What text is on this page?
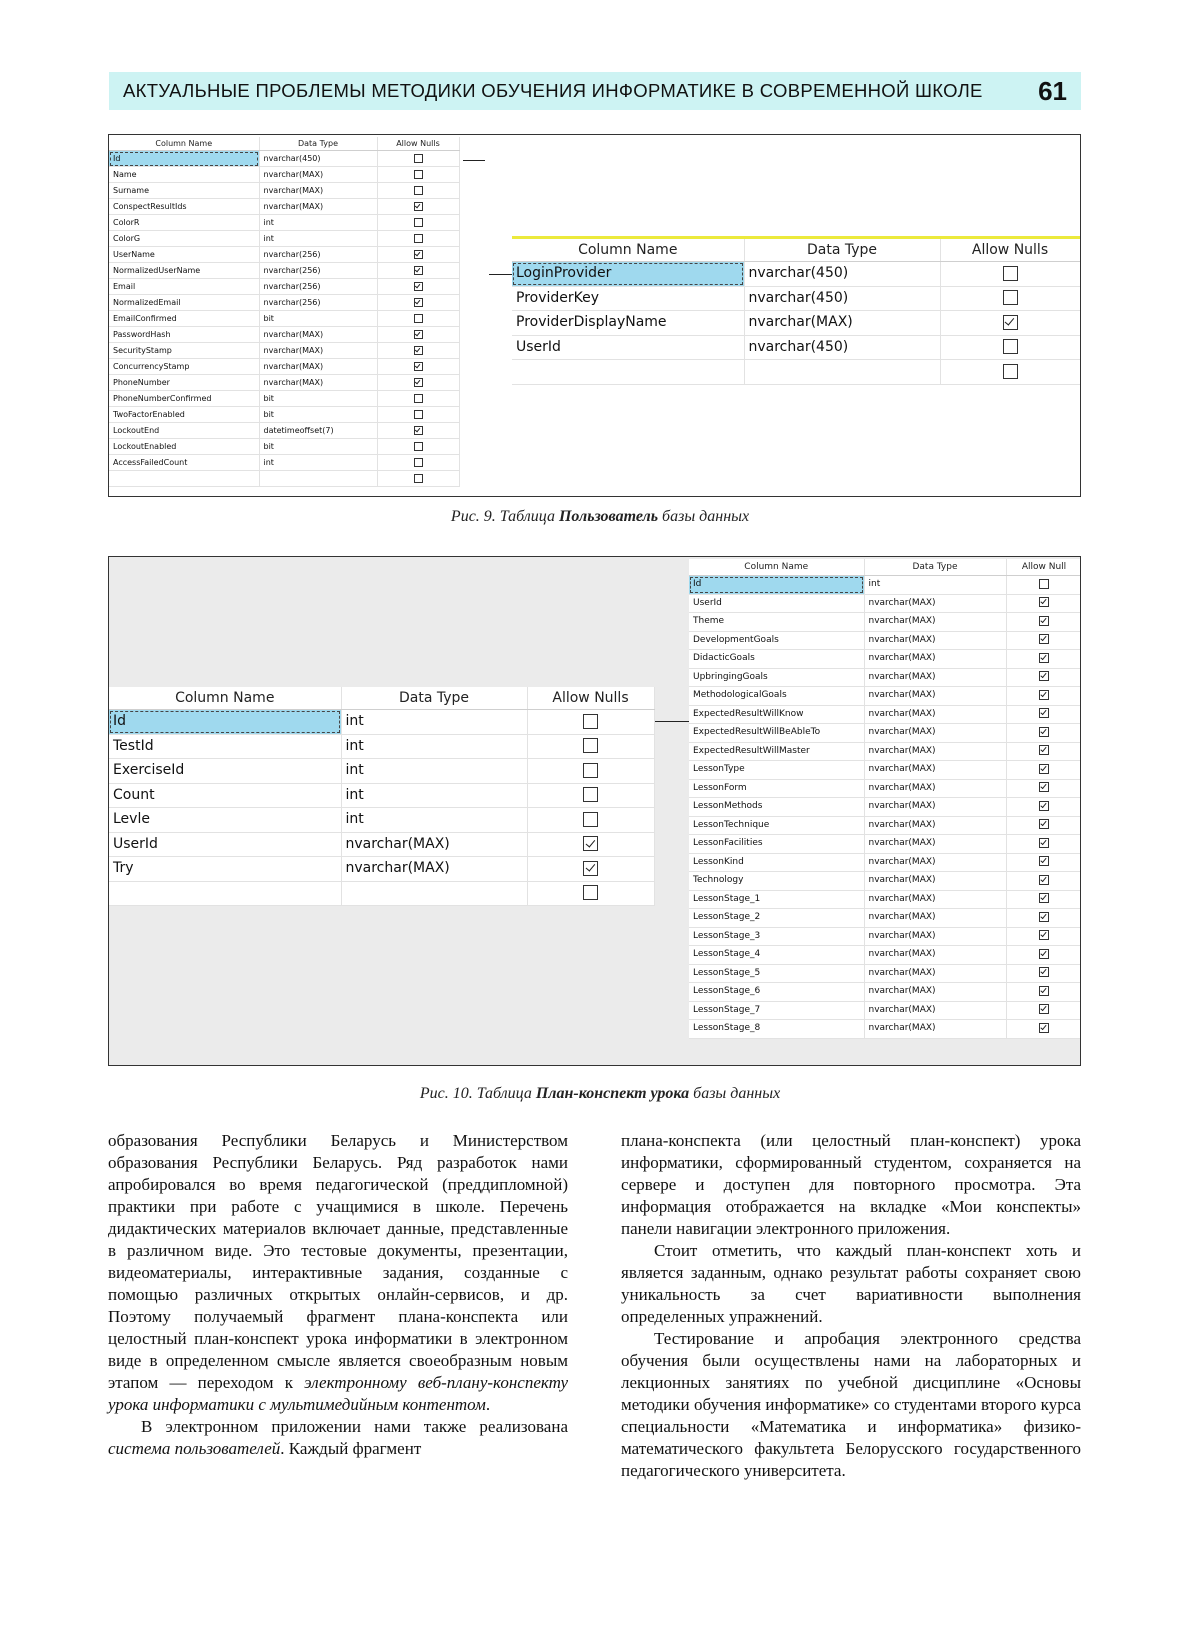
АКТУАЛЬНЫЕ ПРОБЛЕМЫ МЕТОДИКИ ОБУЧЕНИЯ ИНФОРМАТИКЕ В СОВРЕМЕННОЙ ШКОЛЕ 61
Column Name	Data Type	Allow Nulls
Id	nvarchar(450)	
Name	nvarchar(MAX)	
Surname	nvarchar(MAX)	
ConspectResultIds	nvarchar(MAX)	
ColorR	int	
ColorG	int	
UserName	nvarchar(256)	
NormalizedUserName	nvarchar(256)	
Email	nvarchar(256)	
NormalizedEmail	nvarchar(256)	
EmailConfirmed	bit	
PasswordHash	nvarchar(MAX)	
SecurityStamp	nvarchar(MAX)	
ConcurrencyStamp	nvarchar(MAX)	
PhoneNumber	nvarchar(MAX)	
PhoneNumberConfirmed	bit	
TwoFactorEnabled	bit	
LockoutEnd	datetimeoffset(7)	
LockoutEnabled	bit	
AccessFailedCount	int	

Column Name	Data Type	Allow Nulls
LoginProvider	nvarchar(450)	
ProviderKey	nvarchar(450)	
ProviderDisplayName	nvarchar(MAX)	
UserId	nvarchar(450)	

Рис. 9. Таблица Пользователь базы данных
Column Name	Data Type	Allow Nulls
Id	int	
TestId	int	
ExerciseId	int	
Count	int	
Levle	int	
UserId	nvarchar(MAX)	
Try	nvarchar(MAX)	

Column Name	Data Type	Allow Null
Id	int	
UserId	nvarchar(MAX)	
Theme	nvarchar(MAX)	
DevelopmentGoals	nvarchar(MAX)	
DidacticGoals	nvarchar(MAX)	
UpbringingGoals	nvarchar(MAX)	
MethodologicalGoals	nvarchar(MAX)	
ExpectedResultWillKnow	nvarchar(MAX)	
ExpectedResultWillBeAbleTo	nvarchar(MAX)	
ExpectedResultWillMaster	nvarchar(MAX)	
LessonType	nvarchar(MAX)	
LessonForm	nvarchar(MAX)	
LessonMethods	nvarchar(MAX)	
LessonTechnique	nvarchar(MAX)	
LessonFacilities	nvarchar(MAX)	
LessonKind	nvarchar(MAX)	
Technology	nvarchar(MAX)	
LessonStage_1	nvarchar(MAX)	
LessonStage_2	nvarchar(MAX)	
LessonStage_3	nvarchar(MAX)	
LessonStage_4	nvarchar(MAX)	
LessonStage_5	nvarchar(MAX)	
LessonStage_6	nvarchar(MAX)	
LessonStage_7	nvarchar(MAX)	
LessonStage_8	nvarchar(MAX)	
Рис. 10. Таблица План-конспект урока базы данных

образования Республики Беларусь и Министерством образования Республики Беларусь. Ряд разработок нами апробировался во время педагогической (преддипломной) практики при работе с учащимися в школе. Перечень дидактических материалов включает данные, представленные в различном виде. Это тестовые документы, презентации, видеоматериалы, интерактивные задания, созданные с помощью различных открытых онлайн-сервисов, и др. Поэтому получаемый фрагмент плана-конспекта или целостный план-конспект урока информатики в электронном виде в определенном смысле является своеобразным новым этапом — переходом к электронному веб-плану-конспекту урока информатики с мультимедийным контентом.

В электронном приложении нами также реализована система пользователей. Каждый фрагмент

плана-конспекта (или целостный план-конспект) урока информатики, сформированный студентом, сохраняется на сервере и доступен для повторного просмотра. Эта информация отображается на вкладке «Мои конспекты» панели навигации электронного приложения.

Стоит отметить, что каждый план-конспект хоть и является заданным, однако результат работы сохраняет свою уникальность за счет вариативности выполнения определенных упражнений.

Тестирование и апробация электронного средства обучения были осуществлены нами на лабораторных и лекционных занятиях по учебной дисциплине «Основы методики обучения информатике» со студентами второго курса специальности «Математика и информатика» физико-математического факультета Белорусского государственного педагогического университета.
